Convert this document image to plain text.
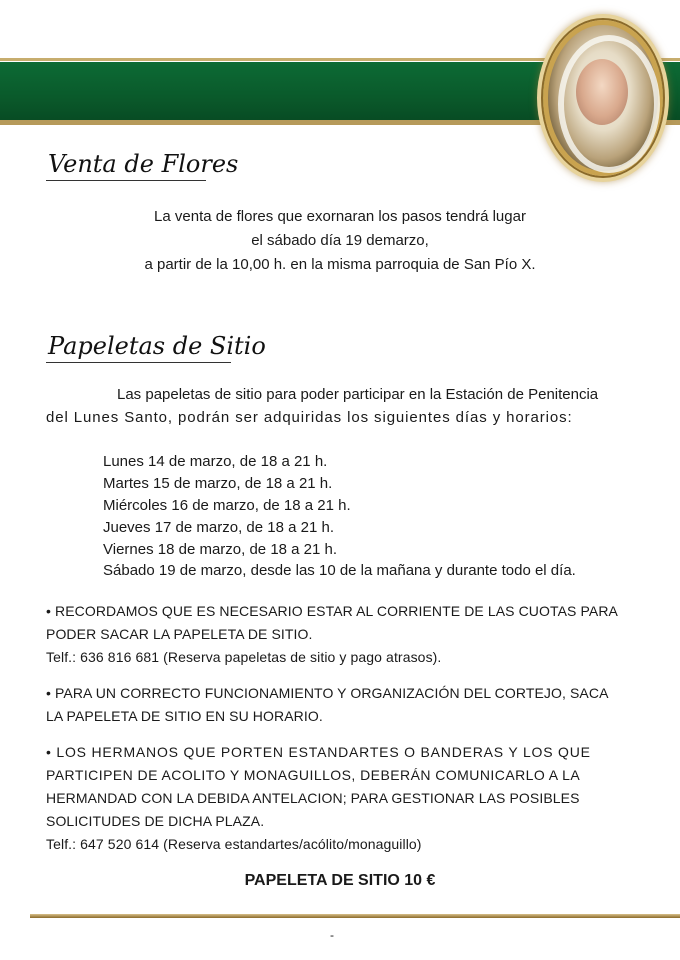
Venta de Flores
La venta de flores que exornaran los pasos tendrá lugar
el sábado día 19 demarzo,
a partir de la 10,00 h. en la misma parroquia de San Pío X.
Papeletas de Sitio
Las papeletas de sitio para poder participar en la Estación de Penitencia
del Lunes Santo, podrán ser adquiridas los siguientes días y horarios:
Lunes 14 de marzo, de 18 a 21 h.
Martes 15 de marzo, de 18 a 21 h.
Miércoles 16 de marzo, de 18 a 21 h.
Jueves 17 de marzo, de 18 a 21 h.
Viernes 18 de marzo, de 18 a 21 h.
Sábado 19 de marzo, desde las 10 de la mañana y durante todo el día.
• RECORDAMOS QUE ES NECESARIO ESTAR AL CORRIENTE DE LAS CUOTAS PARA
PODER SACAR LA PAPELETA DE SITIO.
Telf.: 636 816 681 (Reserva papeletas de sitio y pago atrasos).
• PARA UN CORRECTO FUNCIONAMIENTO Y ORGANIZACIÓN DEL CORTEJO, SACA
LA PAPELETA DE SITIO EN SU HORARIO.
• LOS HERMANOS QUE PORTEN ESTANDARTES O BANDERAS Y LOS QUE
PARTICIPEN DE ACOLITO Y MONAGUILLOS, DEBERÁN COMUNICARLO A LA
HERMANDAD CON LA DEBIDA ANTELACION; PARA GESTIONAR LAS POSIBLES
SOLICITUDES DE DICHA PLAZA.
Telf.: 647 520 614 (Reserva estandartes/acólito/monaguillo)
PAPELETA DE SITIO 10 €
-
